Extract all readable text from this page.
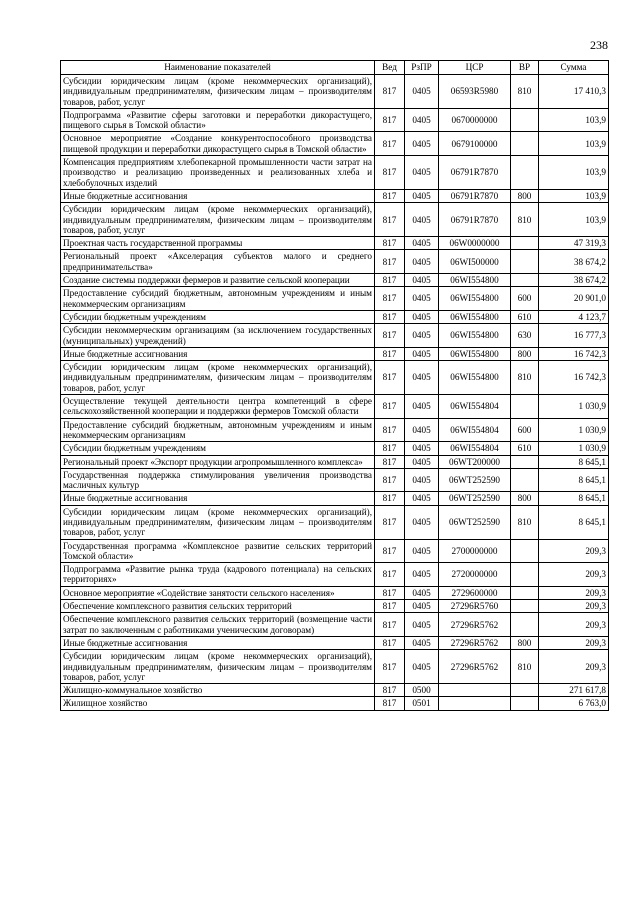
238
Наименование показателей	Вед	РзПР	ЦСР	ВР	Сумма
Субсидии юридическим лицам (кроме некоммерческих организаций), индивидуальным предпринимателям, физическим лицам – производителям товаров, работ, услуг	817	0405	06593R5980	810	17 410,3
Подпрограмма «Развитие сферы заготовки и переработки дикорастущего, пищевого сырья в Томской области»	817	0405	0670000000		103,9
Основное мероприятие «Создание конкурентоспособного производства пищевой продукции и переработки дикорастущего сырья в Томской области»	817	0405	0679100000		103,9
Компенсация предприятиям хлебопекарной промышленности части затрат на производство и реализацию произведенных и реализованных хлеба и хлебобулочных изделий	817	0405	06791R7870		103,9
Иные бюджетные ассигнования	817	0405	06791R7870	800	103,9
Субсидии юридическим лицам (кроме некоммерческих организаций), индивидуальным предпринимателям, физическим лицам – производителям товаров, работ, услуг	817	0405	06791R7870	810	103,9
Проектная часть государственной программы	817	0405	06W0000000		47 319,3
Региональный проект «Акселерация субъектов малого и среднего предпринимательства»	817	0405	06WI500000		38 674,2
Создание системы поддержки фермеров и развитие сельской кооперации	817	0405	06WI554800		38 674,2
Предоставление субсидий бюджетным, автономным учреждениям и иным некоммерческим организациям	817	0405	06WI554800	600	20 901,0
Субсидии бюджетным учреждениям	817	0405	06WI554800	610	4 123,7
Субсидии некоммерческим организациям (за исключением государственных (муниципальных) учреждений)	817	0405	06WI554800	630	16 777,3
Иные бюджетные ассигнования	817	0405	06WI554800	800	16 742,3
Субсидии юридическим лицам (кроме некоммерческих организаций), индивидуальным предпринимателям, физическим лицам – производителям товаров, работ, услуг	817	0405	06WI554800	810	16 742,3
Осуществление текущей деятельности центра компетенций в сфере сельскохозяйственной кооперации и поддержки фермеров Томской области	817	0405	06WI554804		1 030,9
Предоставление субсидий бюджетным, автономным учреждениям и иным некоммерческим организациям	817	0405	06WI554804	600	1 030,9
Субсидии бюджетным учреждениям	817	0405	06WI554804	610	1 030,9
Региональный проект «Экспорт продукции агропромышленного комплекса»	817	0405	06WT200000		8 645,1
Государственная поддержка стимулирования увеличения производства масличных культур	817	0405	06WT252590		8 645,1
Иные бюджетные ассигнования	817	0405	06WT252590	800	8 645,1
Субсидии юридическим лицам (кроме некоммерческих организаций), индивидуальным предпринимателям, физическим лицам – производителям товаров, работ, услуг	817	0405	06WT252590	810	8 645,1
Государственная программа «Комплексное развитие сельских территорий Томской области»	817	0405	2700000000		209,3
Подпрограмма «Развитие рынка труда (кадрового потенциала) на сельских территориях»	817	0405	2720000000		209,3
Основное мероприятие «Содействие занятости сельского населения»	817	0405	2729600000		209,3
Обеспечение комплексного развития сельских территорий	817	0405	27296R5760		209,3
Обеспечение комплексного развития сельских территорий (возмещение части затрат по заключенным с работниками ученическим договорам)	817	0405	27296R5762		209,3
Иные бюджетные ассигнования	817	0405	27296R5762	800	209,3
Субсидии юридическим лицам (кроме некоммерческих организаций), индивидуальным предпринимателям, физическим лицам – производителям товаров, работ, услуг	817	0405	27296R5762	810	209,3
Жилищно-коммунальное хозяйство	817	0500			271 617,8
Жилищное хозяйство	817	0501			6 763,0
